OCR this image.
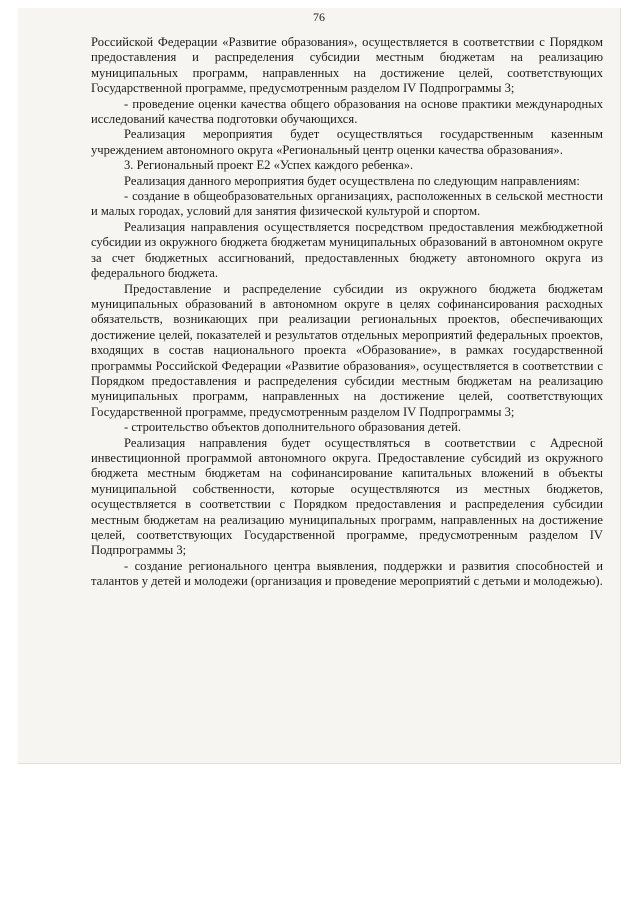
76

Российской Федерации «Развитие образования», осуществляется в соответствии с Порядком предоставления и распределения субсидии местным бюджетам на реализацию муниципальных программ, направленных на достижение целей, соответствующих Государственной программе, предусмотренным разделом IV Подпрограммы 3;

- проведение оценки качества общего образования на основе практики международных исследований качества подготовки обучающихся.

Реализация мероприятия будет осуществляться государственным казенным учреждением автономного округа «Региональный центр оценки качества образования».

3. Региональный проект Е2 «Успех каждого ребенка».

Реализация данного мероприятия будет осуществлена по следующим направлениям:

- создание в общеобразовательных организациях, расположенных в сельской местности и малых городах, условий для занятия физической культурой и спортом.

Реализация направления осуществляется посредством предоставления межбюджетной субсидии из окружного бюджета бюджетам муниципальных образований в автономном округе за счет бюджетных ассигнований, предоставленных бюджету автономного округа из федерального бюджета.

Предоставление и распределение субсидии из окружного бюджета бюджетам муниципальных образований в автономном округе в целях софинансирования расходных обязательств, возникающих при реализации региональных проектов, обеспечивающих достижение целей, показателей и результатов отдельных мероприятий федеральных проектов, входящих в состав национального проекта «Образование», в рамках государственной программы Российской Федерации «Развитие образования», осуществляется в соответствии с Порядком предоставления и распределения субсидии местным бюджетам на реализацию муниципальных программ, направленных на достижение целей, соответствующих Государственной программе, предусмотренным разделом IV Подпрограммы 3;

- строительство объектов дополнительного образования детей.

Реализация направления будет осуществляться в соответствии с Адресной инвестиционной программой автономного округа. Предоставление субсидий из окружного бюджета местным бюджетам на софинансирование капитальных вложений в объекты муниципальной собственности, которые осуществляются из местных бюджетов, осуществляется в соответствии с Порядком предоставления и распределения субсидии местным бюджетам на реализацию муниципальных программ, направленных на достижение целей, соответствующих Государственной программе, предусмотренным разделом IV Подпрограммы 3;

- создание регионального центра выявления, поддержки и развития способностей и талантов у детей и молодежи (организация и проведение мероприятий с детьми и молодежью).
